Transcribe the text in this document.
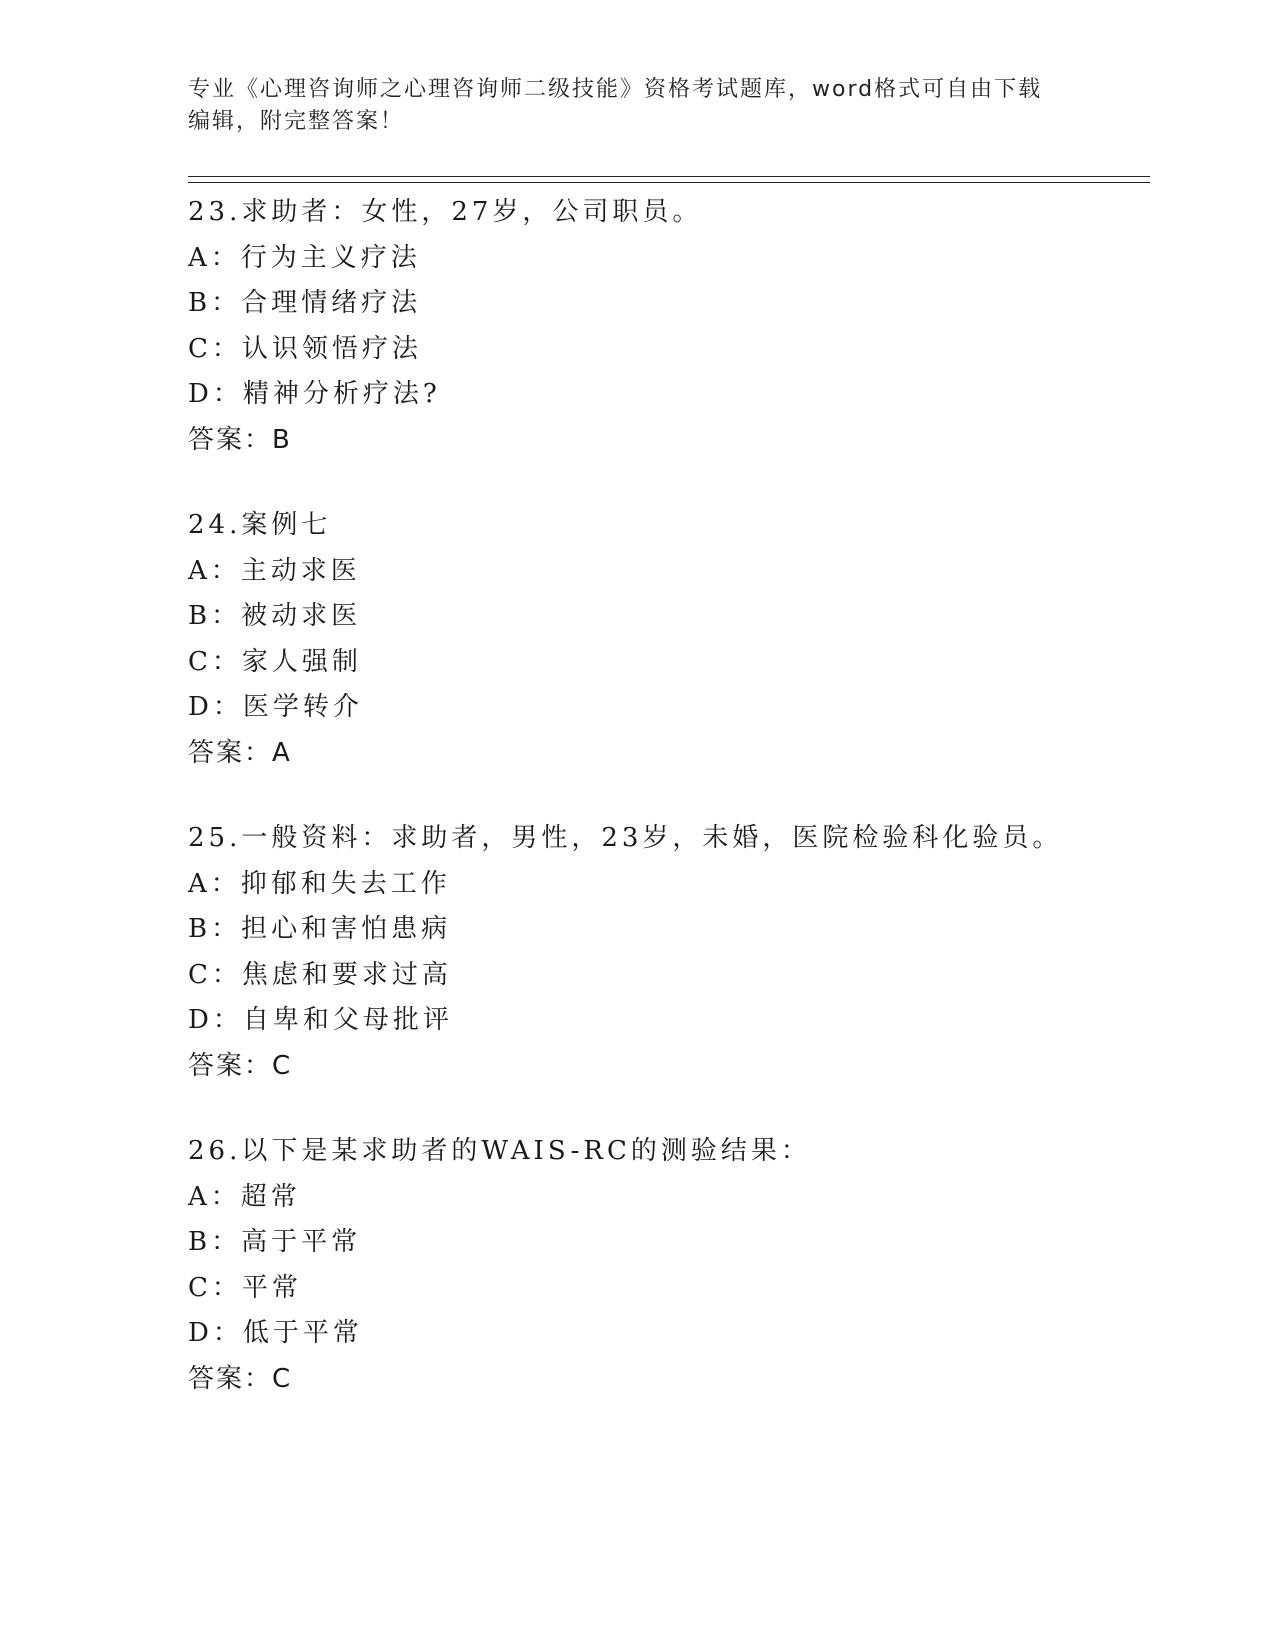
专业《心理咨询师之心理咨询师二级技能》资格考试题库，word格式可自由下载
编辑，附完整答案！
23.求助者：女性，27岁，公司职员。
A：行为主义疗法
B：合理情绪疗法
C：认识领悟疗法
D：精神分析疗法?
答案：B
24.案例七
A：主动求医
B：被动求医
C：家人强制
D：医学转介
答案：A
25.一般资料：求助者，男性，23岁，未婚，医院检验科化验员。
A：抑郁和失去工作
B：担心和害怕患病
C：焦虑和要求过高
D：自卑和父母批评
答案：C
26.以下是某求助者的WAIS-RC的测验结果：
A：超常
B：高于平常
C：平常
D：低于平常
答案：C
